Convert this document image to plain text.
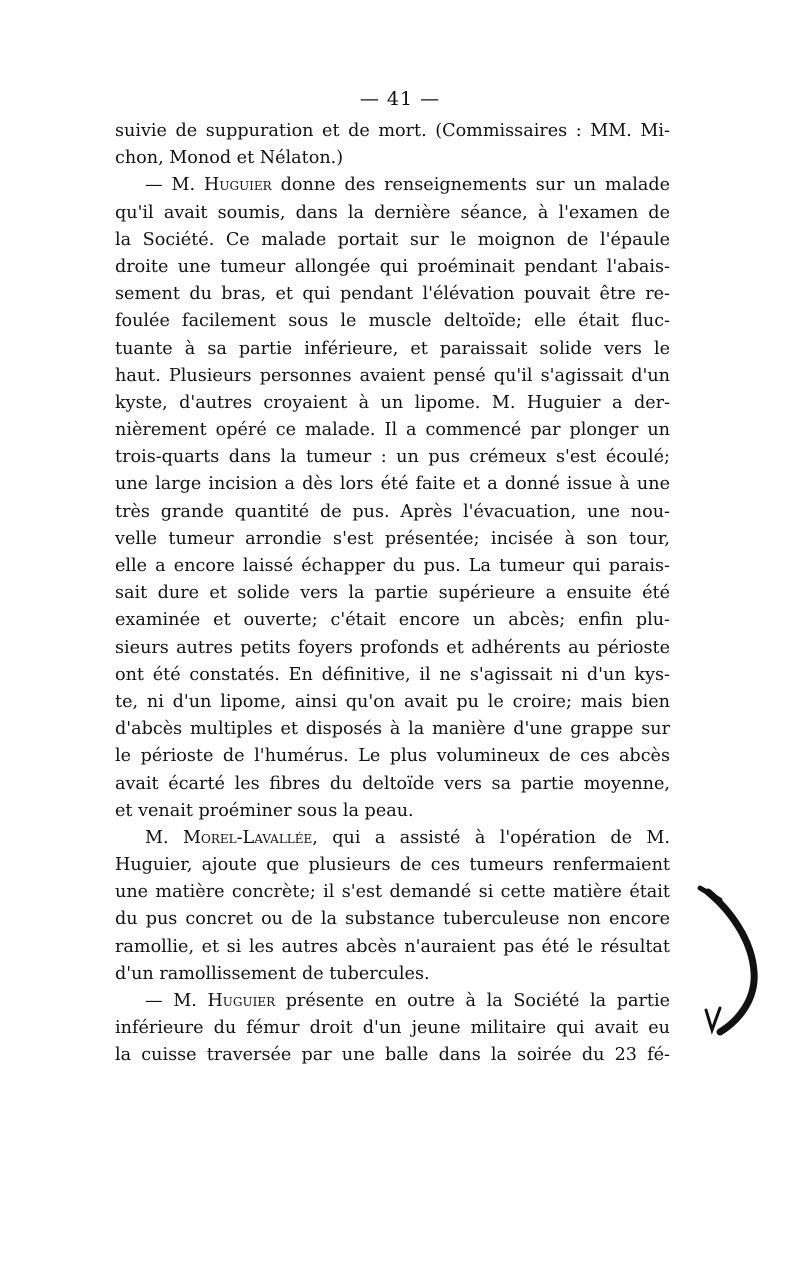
— 41 —
suivie de suppuration et de mort. (Commissaires : MM. Mi-
chon, Monod et Nélaton.)
— M. Huguier donne des renseignements sur un malade
qu'il avait soumis, dans la dernière séance, à l'examen de
la Société. Ce malade portait sur le moignon de l'épaule
droite une tumeur allongée qui proéminait pendant l'abais-
sement du bras, et qui pendant l'élévation pouvait être re-
foulée facilement sous le muscle deltoïde; elle était fluc-
tuante à sa partie inférieure, et paraissait solide vers le
haut. Plusieurs personnes avaient pensé qu'il s'agissait d'un
kyste, d'autres croyaient à un lipome. M. Huguier a der-
nièrement opéré ce malade. Il a commencé par plonger un
trois-quarts dans la tumeur : un pus crémeux s'est écoulé;
une large incision a dès lors été faite et a donné issue à une
très grande quantité de pus. Après l'évacuation, une nou-
velle tumeur arrondie s'est présentée; incisée à son tour,
elle a encore laissé échapper du pus. La tumeur qui parais-
sait dure et solide vers la partie supérieure a ensuite été
examinée et ouverte; c'était encore un abcès; enfin plu-
sieurs autres petits foyers profonds et adhérents au périoste
ont été constatés. En définitive, il ne s'agissait ni d'un kys-
te, ni d'un lipome, ainsi qu'on avait pu le croire; mais bien
d'abcès multiples et disposés à la manière d'une grappe sur
le périoste de l'humérus. Le plus volumineux de ces abcès
avait écarté les fibres du deltoïde vers sa partie moyenne,
et venait proéminer sous la peau.
M. Morel-Lavallée, qui a assisté à l'opération de M.
Huguier, ajoute que plusieurs de ces tumeurs renfermaient
une matière concrète; il s'est demandé si cette matière était
du pus concret ou de la substance tuberculeuse non encore
ramollie, et si les autres abcès n'auraient pas été le résultat
d'un ramollissement de tubercules.
— M. Huguier présente en outre à la Société la partie
inférieure du fémur droit d'un jeune militaire qui avait eu
la cuisse traversée par une balle dans la soirée du 23 fé-
